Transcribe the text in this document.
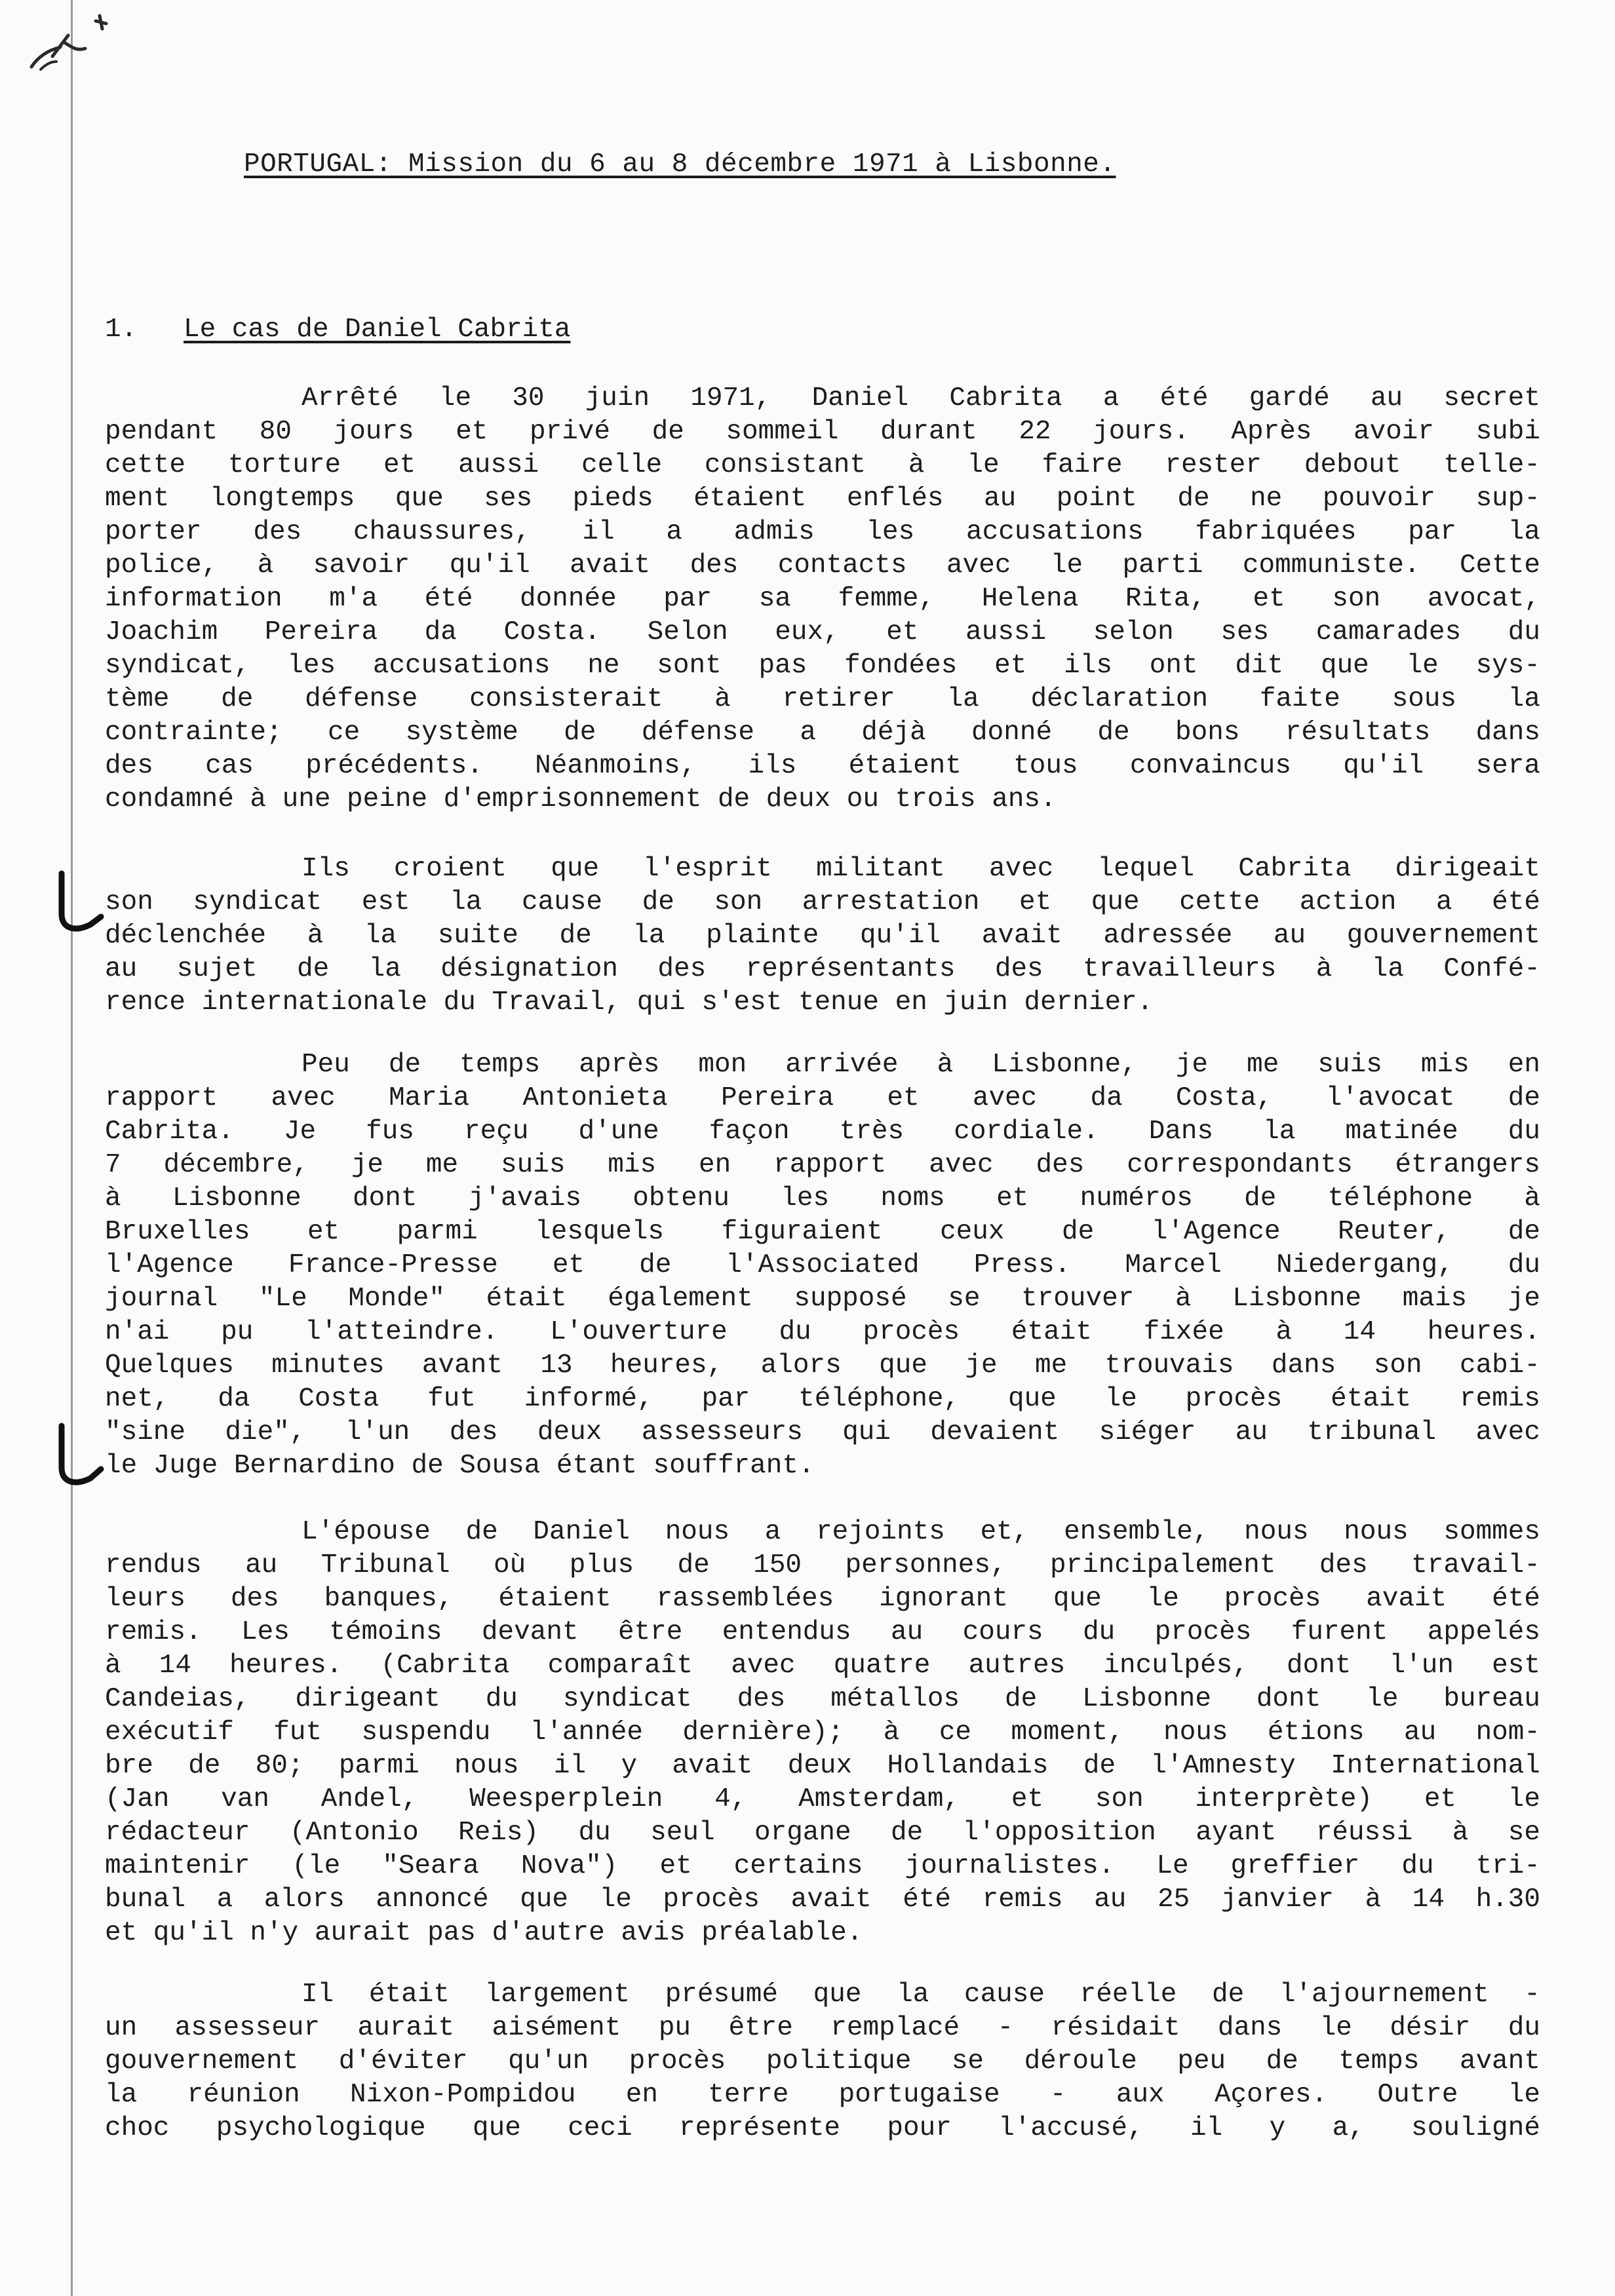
PORTUGAL: Mission du 6 au 8 décembre 1971 à Lisbonne.
1. Le cas de Daniel Cabrita
Arrêté le 30 juin 1971, Daniel Cabrita a été gardé au secret
pendant 80 jours et privé de sommeil durant 22 jours. Après avoir subi
cette torture et aussi celle consistant à le faire rester debout telle-
ment longtemps que ses pieds étaient enflés au point de ne pouvoir sup-
porter des chaussures, il a admis les accusations fabriquées par la
police, à savoir qu'il avait des contacts avec le parti communiste. Cette
information m'a été donnée par sa femme, Helena Rita, et son avocat,
Joachim Pereira da Costa. Selon eux, et aussi selon ses camarades du
syndicat, les accusations ne sont pas fondées et ils ont dit que le sys-
tème de défense consisterait à retirer la déclaration faite sous la
contrainte; ce système de défense a déjà donné de bons résultats dans
des cas précédents. Néanmoins, ils étaient tous convaincus qu'il sera
condamné à une peine d'emprisonnement de deux ou trois ans.
Ils croient que l'esprit militant avec lequel Cabrita dirigeait
son syndicat est la cause de son arrestation et que cette action a été
déclenchée à la suite de la plainte qu'il avait adressée au gouvernement
au sujet de la désignation des représentants des travailleurs à la Confé-
rence internationale du Travail, qui s'est tenue en juin dernier.
Peu de temps après mon arrivée à Lisbonne, je me suis mis en
rapport avec Maria Antonieta Pereira et avec da Costa, l'avocat de
Cabrita. Je fus reçu d'une façon très cordiale. Dans la matinée du
7 décembre, je me suis mis en rapport avec des correspondants étrangers
à Lisbonne dont j'avais obtenu les noms et numéros de téléphone à
Bruxelles et parmi lesquels figuraient ceux de l'Agence Reuter, de
l'Agence France-Presse et de l'Associated Press. Marcel Niedergang, du
journal "Le Monde" était également supposé se trouver à Lisbonne mais je
n'ai pu l'atteindre. L'ouverture du procès était fixée à 14 heures.
Quelques minutes avant 13 heures, alors que je me trouvais dans son cabi-
net, da Costa fut informé, par téléphone, que le procès était remis
"sine die", l'un des deux assesseurs qui devaient siéger au tribunal avec
le Juge Bernardino de Sousa étant souffrant.
L'épouse de Daniel nous a rejoints et, ensemble, nous nous sommes
rendus au Tribunal où plus de 150 personnes, principalement des travail-
leurs des banques, étaient rassemblées ignorant que le procès avait été
remis. Les témoins devant être entendus au cours du procès furent appelés
à 14 heures. (Cabrita comparaît avec quatre autres inculpés, dont l'un est
Candeias, dirigeant du syndicat des métallos de Lisbonne dont le bureau
exécutif fut suspendu l'année dernière); à ce moment, nous étions au nom-
bre de 80; parmi nous il y avait deux Hollandais de l'Amnesty International
(Jan van Andel, Weesperplein 4, Amsterdam, et son interprète) et le
rédacteur (Antonio Reis) du seul organe de l'opposition ayant réussi à se
maintenir (le "Seara Nova") et certains journalistes. Le greffier du tri-
bunal a alors annoncé que le procès avait été remis au 25 janvier à 14 h.30
et qu'il n'y aurait pas d'autre avis préalable.
Il était largement présumé que la cause réelle de l'ajournement -
un assesseur aurait aisément pu être remplacé - résidait dans le désir du
gouvernement d'éviter qu'un procès politique se déroule peu de temps avant
la réunion Nixon-Pompidou en terre portugaise - aux Açores. Outre le
choc psychologique que ceci représente pour l'accusé, il y a, souligné
